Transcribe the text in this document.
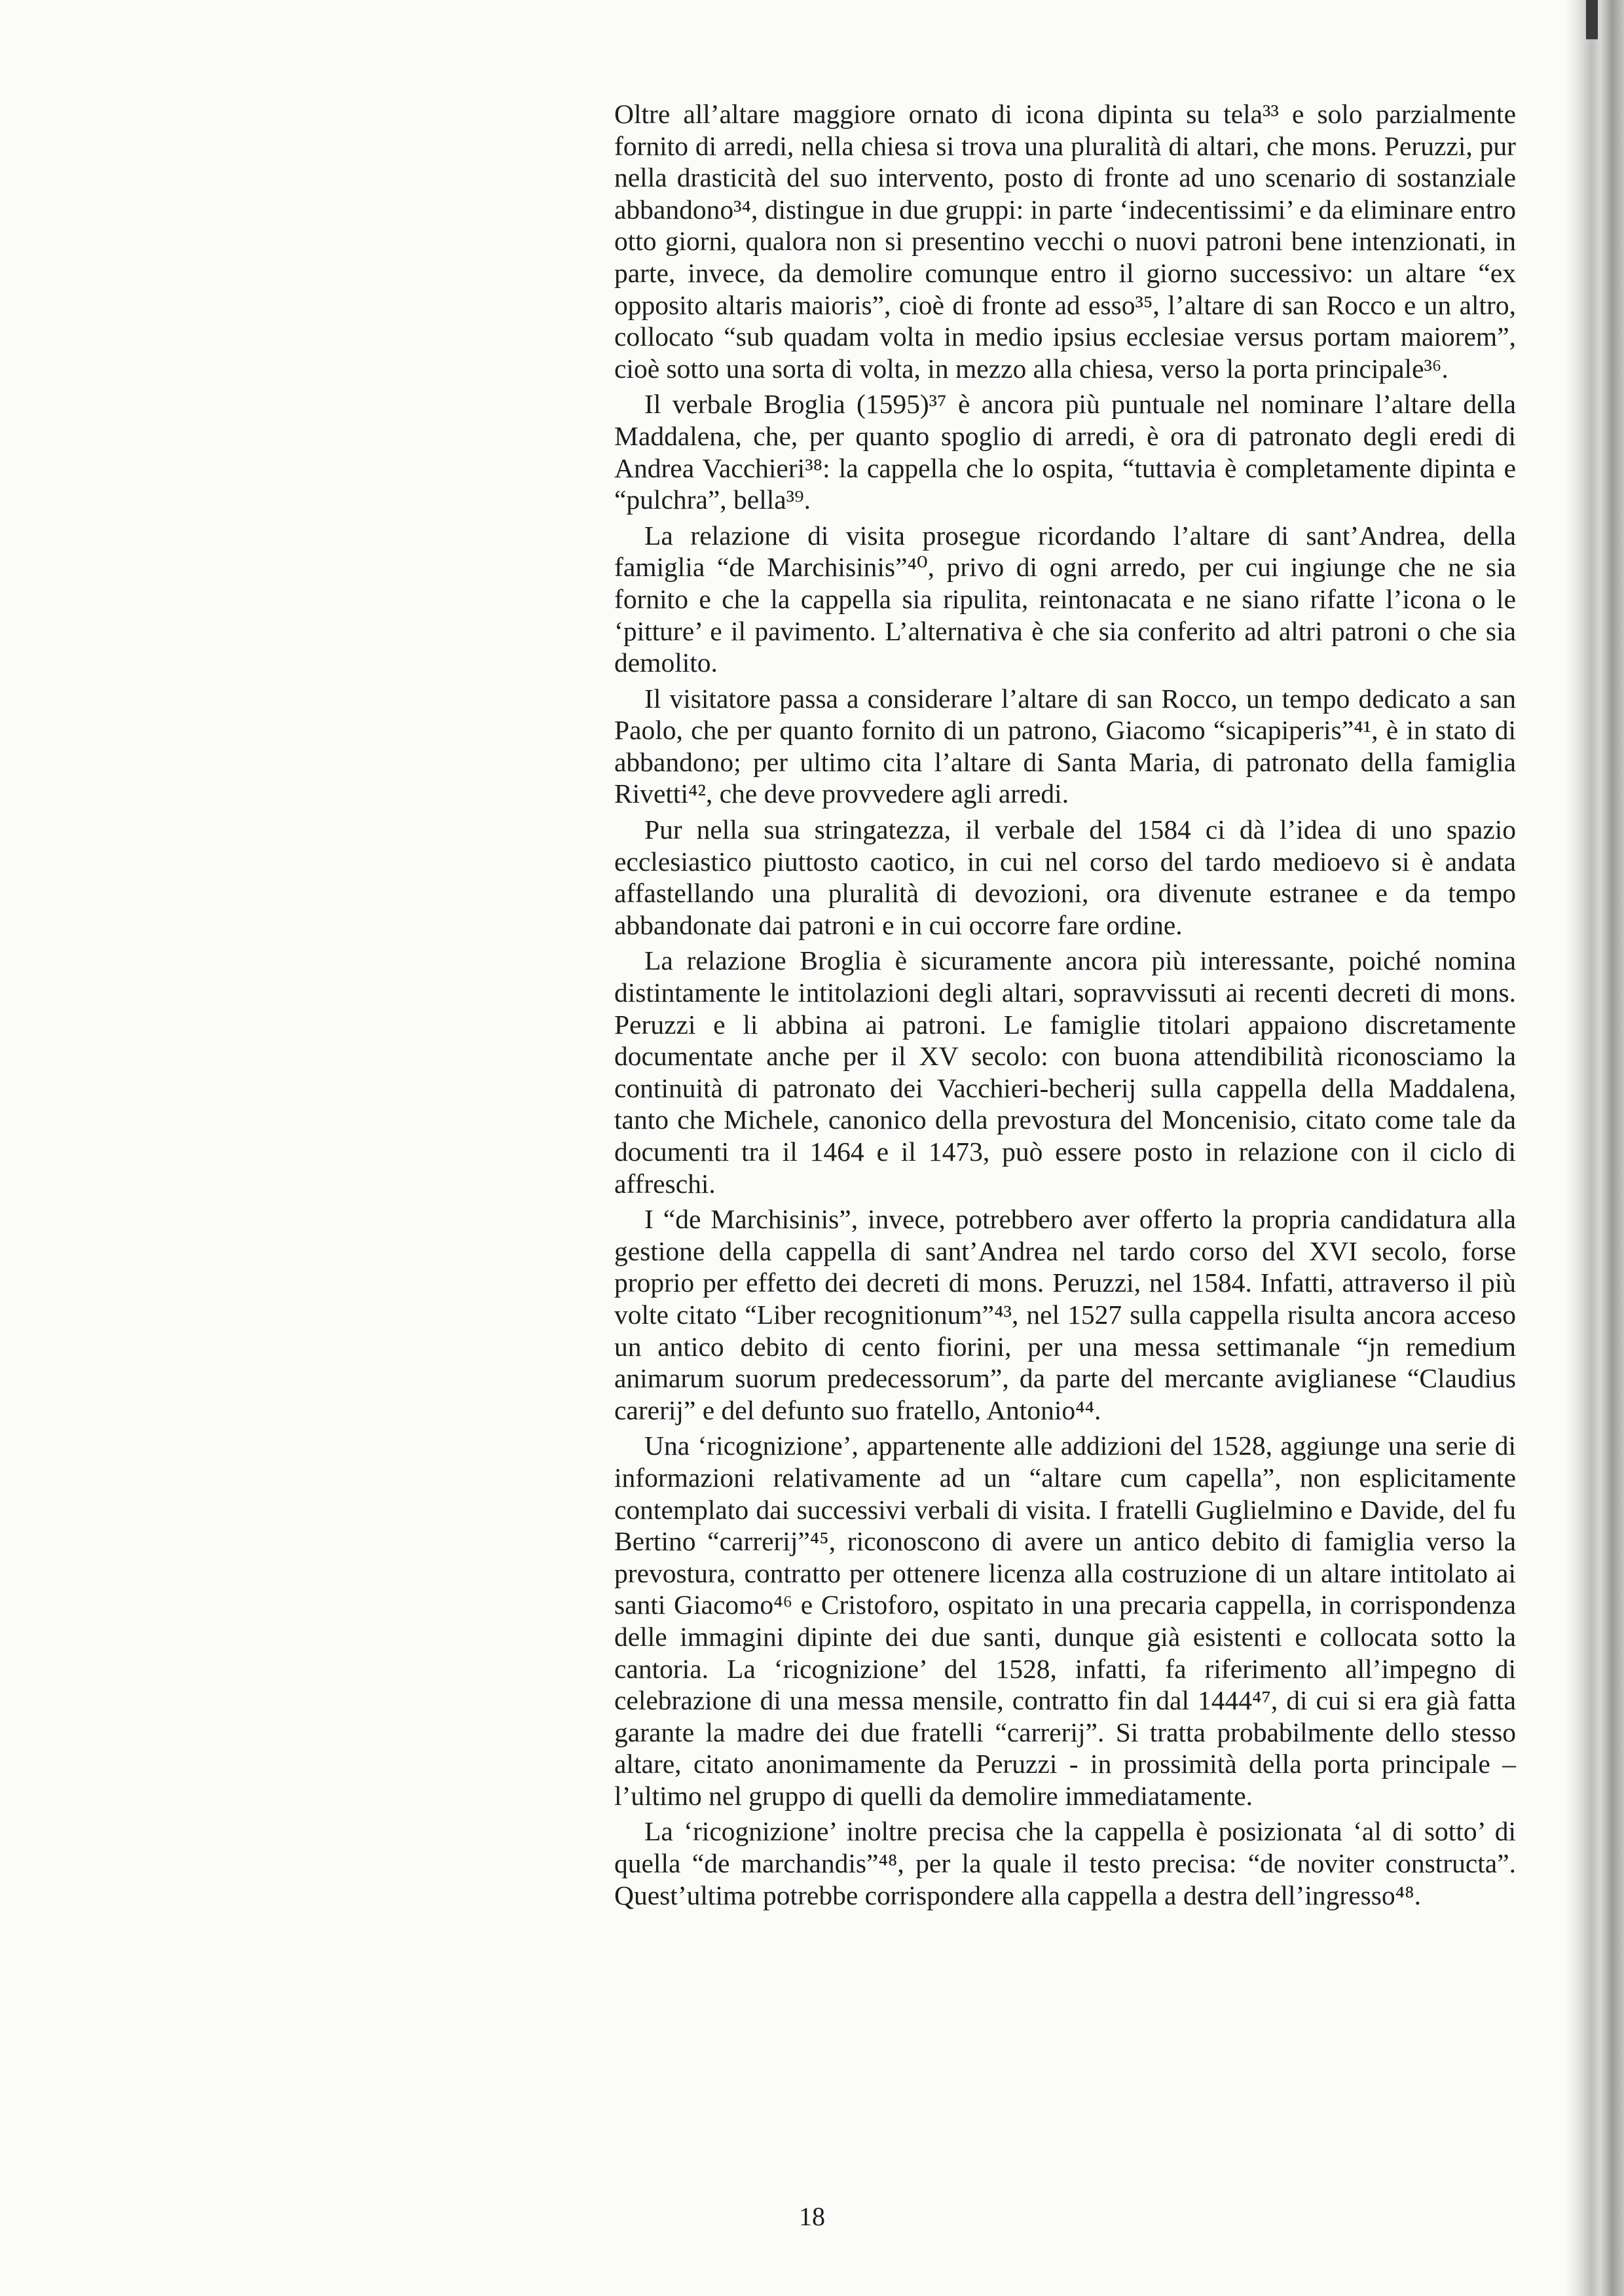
Oltre all’altare maggiore ornato di icona dipinta su tela³³ e solo parzialmente fornito di arredi, nella chiesa si trova una pluralità di altari, che mons. Peruzzi, pur nella drasticità del suo intervento, posto di fronte ad uno scenario di sostanziale abbandono³⁴, distingue in due gruppi: in parte ‘indecentissimi’ e da eliminare entro otto giorni, qualora non si presentino vecchi o nuovi patroni bene intenzionati, in parte, invece, da demolire comunque entro il giorno successivo: un altare “ex opposito altaris maioris”, cioè di fronte ad esso³⁵, l’altare di san Rocco e un altro, collocato “sub quadam volta in medio ipsius ecclesiae versus portam maiorem”, cioè sotto una sorta di volta, in mezzo alla chiesa, verso la porta principale³⁶.

Il verbale Broglia (1595)³⁷ è ancora più puntuale nel nominare l’altare della Maddalena, che, per quanto spoglio di arredi, è ora di patronato degli eredi di Andrea Vacchieri³⁸: la cappella che lo ospita, “tuttavia è completamente dipinta e “pulchra”, bella³⁹.

La relazione di visita prosegue ricordando l’altare di sant’Andrea, della famiglia “de Marchisinis”⁴⁰, privo di ogni arredo, per cui ingiunge che ne sia fornito e che la cappella sia ripulita, reintonacata e ne siano rifatte l’icona o le ‘pitture’ e il pavimento. L’alternativa è che sia conferito ad altri patroni o che sia demolito.

Il visitatore passa a considerare l’altare di san Rocco, un tempo dedicato a san Paolo, che per quanto fornito di un patrono, Giacomo “sicapiperis”⁴¹, è in stato di abbandono; per ultimo cita l’altare di Santa Maria, di patronato della famiglia Rivetti⁴², che deve provvedere agli arredi.

Pur nella sua stringatezza, il verbale del 1584 ci dà l’idea di uno spazio ecclesiastico piuttosto caotico, in cui nel corso del tardo medioevo si è andata affastellando una pluralità di devozioni, ora divenute estranee e da tempo abbandonate dai patroni e in cui occorre fare ordine.

La relazione Broglia è sicuramente ancora più interessante, poiché nomina distintamente le intitolazioni degli altari, sopravvissuti ai recenti decreti di mons. Peruzzi e li abbina ai patroni. Le famiglie titolari appaiono discretamente documentate anche per il XV secolo: con buona attendibilità riconosciamo la continuità di patronato dei Vacchieri-becherij sulla cappella della Maddalena, tanto che Michele, canonico della prevostura del Moncenisio, citato come tale da documenti tra il 1464 e il 1473, può essere posto in relazione con il ciclo di affreschi.

I “de Marchisinis”, invece, potrebbero aver offerto la propria candidatura alla gestione della cappella di sant’Andrea nel tardo corso del XVI secolo, forse proprio per effetto dei decreti di mons. Peruzzi, nel 1584. Infatti, attraverso il più volte citato “Liber recognitionum”⁴³, nel 1527 sulla cappella risulta ancora acceso un antico debito di cento fiorini, per una messa settimanale “jn remedium animarum suorum predecessorum”, da parte del mercante aviglianese “Claudius carerij” e del defunto suo fratello, Antonio⁴⁴.

Una ‘ricognizione’, appartenente alle addizioni del 1528, aggiunge una serie di informazioni relativamente ad un “altare cum capella”, non esplicitamente contemplato dai successivi verbali di visita. I fratelli Guglielmino e Davide, del fu Bertino “carrerij”⁴⁵, riconoscono di avere un antico debito di famiglia verso la prevostura, contratto per ottenere licenza alla costruzione di un altare intitolato ai santi Giacomo⁴⁶ e Cristoforo, ospitato in una precaria cappella, in corrispondenza delle immagini dipinte dei due santi, dunque già esistenti e collocata sotto la cantoria. La ‘ricognizione’ del 1528, infatti, fa riferimento all’impegno di celebrazione di una messa mensile, contratto fin dal 1444⁴⁷, di cui si era già fatta garante la madre dei due fratelli “carrerij”. Si tratta probabilmente dello stesso altare, citato anonimamente da Peruzzi - in prossimità della porta principale – l’ultimo nel gruppo di quelli da demolire immediatamente.

La ‘ricognizione’ inoltre precisa che la cappella è posizionata ‘al di sotto’ di quella “de marchandis”⁴⁸, per la quale il testo precisa: “de noviter constructa”. Quest’ultima potrebbe corrispondere alla cappella a destra dell’ingresso⁴⁸.

18
